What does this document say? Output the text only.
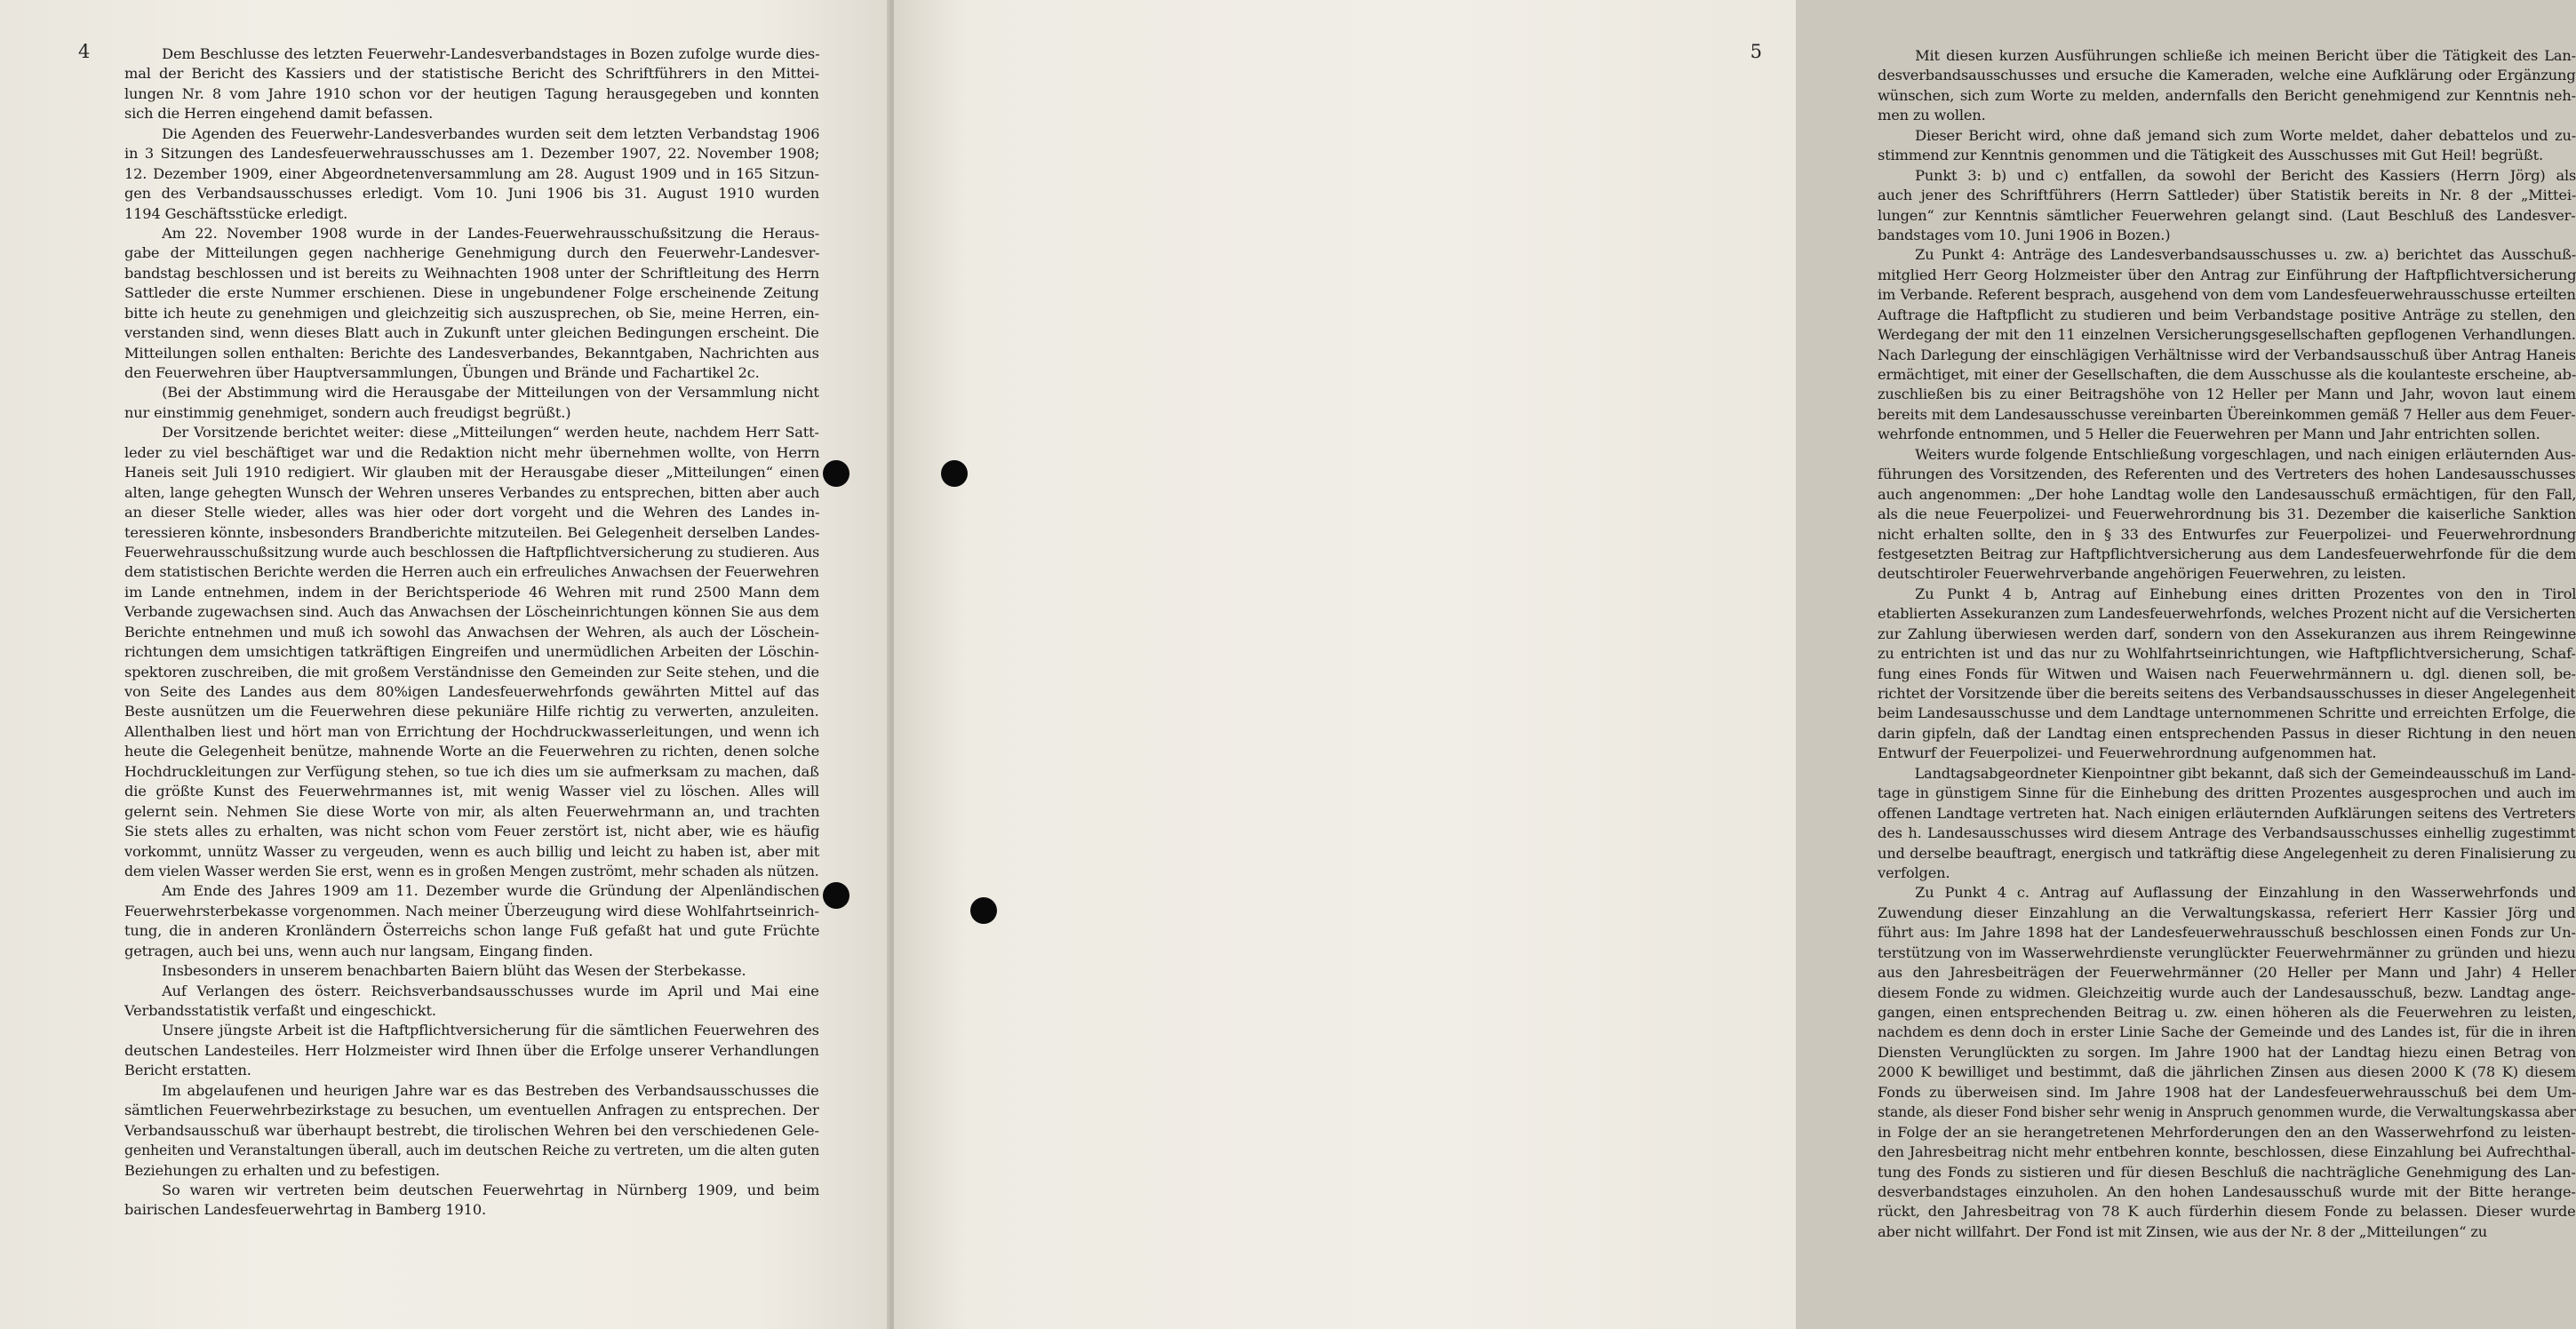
4	Dem Beschlusse des letzten Feuerwehr-Landesverbandstages in Bozen zufolge wurde dies-
mal der Bericht des Kassiers und der statistische Bericht des Schriftführers in den Mittei-
lungen Nr. 8 vom Jahre 1910 schon vor der heutigen Tagung herausgegeben und konnten
sich die Herren eingehend damit befassen.
Die Agenden des Feuerwehr-Landesverbandes wurden seit dem letzten Verbandstag 1906
in 3 Sitzungen des Landesfeuerwehrausschusses am 1. Dezember 1907, 22. November 1908;
12. Dezember 1909, einer Abgeordnetenversammlung am 28. August 1909 und in 165 Sitzun-
gen des Verbandsausschusses erledigt. Vom 10. Juni 1906 bis 31. August 1910 wurden
1194 Geschäftsstücke erledigt.
Am 22. November 1908 wurde in der Landes-Feuerwehrausschußsitzung die Heraus-
gabe der Mitteilungen gegen nachherige Genehmigung durch den Feuerwehr-Landesver-
bandstag beschlossen und ist bereits zu Weihnachten 1908 unter der Schriftleitung des Herrn
Sattleder die erste Nummer erschienen. Diese in ungebundener Folge erscheinende Zeitung
bitte ich heute zu genehmigen und gleichzeitig sich auszusprechen, ob Sie, meine Herren, ein-
verstanden sind, wenn dieses Blatt auch in Zukunft unter gleichen Bedingungen erscheint. Die
Mitteilungen sollen enthalten: Berichte des Landesverbandes, Bekanntgaben, Nachrichten aus
den Feuerwehren über Hauptversammlungen, Übungen und Brände und Fachartikel 2c.
(Bei der Abstimmung wird die Herausgabe der Mitteilungen von der Versammlung nicht
nur einstimmig genehmiget, sondern auch freudigst begrüßt.)
Der Vorsitzende berichtet weiter: diese „Mitteilungen“ werden heute, nachdem Herr Satt-
leder zu viel beschäftiget war und die Redaktion nicht mehr übernehmen wollte, von Herrn
Haneis seit Juli 1910 redigiert. Wir glauben mit der Herausgabe dieser „Mitteilungen“ einen
alten, lange gehegten Wunsch der Wehren unseres Verbandes zu entsprechen, bitten aber auch
an dieser Stelle wieder, alles was hier oder dort vorgeht und die Wehren des Landes in-
teressieren könnte, insbesonders Brandberichte mitzuteilen. Bei Gelegenheit derselben Landes-
Feuerwehrausschußsitzung wurde auch beschlossen die Haftpflichtversicherung zu studieren. Aus
dem statistischen Berichte werden die Herren auch ein erfreuliches Anwachsen der Feuerwehren
im Lande entnehmen, indem in der Berichtsperiode 46 Wehren mit rund 2500 Mann dem
Verbande zugewachsen sind. Auch das Anwachsen der Löscheinrichtungen können Sie aus dem
Berichte entnehmen und muß ich sowohl das Anwachsen der Wehren, als auch der Löschein-
richtungen dem umsichtigen tatkräftigen Eingreifen und unermüdlichen Arbeiten der Löschin-
spektoren zuschreiben, die mit großem Verständnisse den Gemeinden zur Seite stehen, und die
von Seite des Landes aus dem 80%igen Landesfeuerwehrfonds gewährten Mittel auf das
Beste ausnützen um die Feuerwehren diese pekuniäre Hilfe richtig zu verwerten, anzuleiten.
Allenthalben liest und hört man von Errichtung der Hochdruckwasserleitungen, und wenn ich
heute die Gelegenheit benütze, mahnende Worte an die Feuerwehren zu richten, denen solche
Hochdruckleitungen zur Verfügung stehen, so tue ich dies um sie aufmerksam zu machen, daß
die größte Kunst des Feuerwehrmannes ist, mit wenig Wasser viel zu löschen. Alles will
gelernt sein. Nehmen Sie diese Worte von mir, als alten Feuerwehrmann an, und trachten
Sie stets alles zu erhalten, was nicht schon vom Feuer zerstört ist, nicht aber, wie es häufig
vorkommt, unnütz Wasser zu vergeuden, wenn es auch billig und leicht zu haben ist, aber mit
dem vielen Wasser werden Sie erst, wenn es in großen Mengen zuströmt, mehr schaden als nützen.
Am Ende des Jahres 1909 am 11. Dezember wurde die Gründung der Alpenländischen
Feuerwehrsterbekasse vorgenommen. Nach meiner Überzeugung wird diese Wohlfahrtseinrich-
tung, die in anderen Kronländern Österreichs schon lange Fuß gefaßt hat und gute Früchte
getragen, auch bei uns, wenn auch nur langsam, Eingang finden.
Insbesonders in unserem benachbarten Baiern blüht das Wesen der Sterbekasse.
Auf Verlangen des österr. Reichsverbandsausschusses wurde im April und Mai eine
Verbandsstatistik verfaßt und eingeschickt.
Unsere jüngste Arbeit ist die Haftpflichtversicherung für die sämtlichen Feuerwehren des
deutschen Landesteiles. Herr Holzmeister wird Ihnen über die Erfolge unserer Verhandlungen
Bericht erstatten.
Im abgelaufenen und heurigen Jahre war es das Bestreben des Verbandsausschusses die
sämtlichen Feuerwehrbezirkstage zu besuchen, um eventuellen Anfragen zu entsprechen. Der
Verbandsausschuß war überhaupt bestrebt, die tirolischen Wehren bei den verschiedenen Gele-
genheiten und Veranstaltungen überall, auch im deutschen Reiche zu vertreten, um die alten guten
Beziehungen zu erhalten und zu befestigen.
So waren wir vertreten beim deutschen Feuerwehrtag in Nürnberg 1909, und beim
bairischen Landesfeuerwehrtag in Bamberg 1910.
5	Mit diesen kurzen Ausführungen schließe ich meinen Bericht über die Tätigkeit des Lan-
desverbandsausschusses und ersuche die Kameraden, welche eine Aufklärung oder Ergänzung
wünschen, sich zum Worte zu melden, andernfalls den Bericht genehmigend zur Kenntnis neh-
men zu wollen.
Dieser Bericht wird, ohne daß jemand sich zum Worte meldet, daher debattelos und zu-
stimmend zur Kenntnis genommen und die Tätigkeit des Ausschusses mit Gut Heil! begrüßt.
Punkt 3: b) und c) entfallen, da sowohl der Bericht des Kassiers (Herrn Jörg) als
auch jener des Schriftführers (Herrn Sattleder) über Statistik bereits in Nr. 8 der „Mittei-
lungen“ zur Kenntnis sämtlicher Feuerwehren gelangt sind. (Laut Beschluß des Landesver-
bandstages vom 10. Juni 1906 in Bozen.)
Zu Punkt 4: Anträge des Landesverbandsausschusses u. zw. a) berichtet das Ausschuß-
mitglied Herr Georg Holzmeister über den Antrag zur Einführung der Haftpflichtversicherung
im Verbande. Referent besprach, ausgehend von dem vom Landesfeuerwehrausschusse erteilten
Auftrage die Haftpflicht zu studieren und beim Verbandstage positive Anträge zu stellen, den
Werdegang der mit den 11 einzelnen Versicherungsgesellschaften gepflogenen Verhandlungen.
Nach Darlegung der einschlägigen Verhältnisse wird der Verbandsausschuß über Antrag Haneis
ermächtiget, mit einer der Gesellschaften, die dem Ausschusse als die koulanteste erscheine, ab-
zuschließen bis zu einer Beitragshöhe von 12 Heller per Mann und Jahr, wovon laut einem
bereits mit dem Landesausschusse vereinbarten Übereinkommen gemäß 7 Heller aus dem Feuer-
wehrfonde entnommen, und 5 Heller die Feuerwehren per Mann und Jahr entrichten sollen.
Weiters wurde folgende Entschließung vorgeschlagen, und nach einigen erläuternden Aus-
führungen des Vorsitzenden, des Referenten und des Vertreters des hohen Landesausschusses
auch angenommen: „Der hohe Landtag wolle den Landesausschuß ermächtigen, für den Fall,
als die neue Feuerpolizei- und Feuerwehrordnung bis 31. Dezember die kaiserliche Sanktion
nicht erhalten sollte, den in § 33 des Entwurfes zur Feuerpolizei- und Feuerwehrordnung
festgesetzten Beitrag zur Haftpflichtversicherung aus dem Landesfeuerwehrfonde für die dem
deutschtiroler Feuerwehrverbande angehörigen Feuerwehren, zu leisten.
Zu Punkt 4 b, Antrag auf Einhebung eines dritten Prozentes von den in Tirol
etablierten Assekuranzen zum Landesfeuerwehrfonds, welches Prozent nicht auf die Versicherten
zur Zahlung überwiesen werden darf, sondern von den Assekuranzen aus ihrem Reingewinne
zu entrichten ist und das nur zu Wohlfahrtseinrichtungen, wie Haftpflichtversicherung, Schaf-
fung eines Fonds für Witwen und Waisen nach Feuerwehrmännern u. dgl. dienen soll, be-
richtet der Vorsitzende über die bereits seitens des Verbandsausschusses in dieser Angelegenheit
beim Landesausschusse und dem Landtage unternommenen Schritte und erreichten Erfolge, die
darin gipfeln, daß der Landtag einen entsprechenden Passus in dieser Richtung in den neuen
Entwurf der Feuerpolizei- und Feuerwehrordnung aufgenommen hat.
Landtagsabgeordneter Kienpointner gibt bekannt, daß sich der Gemeindeausschuß im Land-
tage in günstigem Sinne für die Einhebung des dritten Prozentes ausgesprochen und auch im
offenen Landtage vertreten hat. Nach einigen erläuternden Aufklärungen seitens des Vertreters
des h. Landesausschusses wird diesem Antrage des Verbandsausschusses einhellig zugestimmt
und derselbe beauftragt, energisch und tatkräftig diese Angelegenheit zu deren Finalisierung zu
verfolgen.
Zu Punkt 4 c. Antrag auf Auflassung der Einzahlung in den Wasserwehrfonds und
Zuwendung dieser Einzahlung an die Verwaltungskassa, referiert Herr Kassier Jörg und
führt aus: Im Jahre 1898 hat der Landesfeuerwehrausschuß beschlossen einen Fonds zur Un-
terstützung von im Wasserwehrdienste verunglückter Feuerwehrmänner zu gründen und hiezu
aus den Jahresbeiträgen der Feuerwehrmänner (20 Heller per Mann und Jahr) 4 Heller
diesem Fonde zu widmen. Gleichzeitig wurde auch der Landesausschuß, bezw. Landtag ange-
gangen, einen entsprechenden Beitrag u. zw. einen höheren als die Feuerwehren zu leisten,
nachdem es denn doch in erster Linie Sache der Gemeinde und des Landes ist, für die in ihren
Diensten Verunglückten zu sorgen. Im Jahre 1900 hat der Landtag hiezu einen Betrag von
2000 K bewilliget und bestimmt, daß die jährlichen Zinsen aus diesen 2000 K (78 K) diesem
Fonds zu überweisen sind. Im Jahre 1908 hat der Landesfeuerwehrausschuß bei dem Um-
stande, als dieser Fond bisher sehr wenig in Anspruch genommen wurde, die Verwaltungskassa aber
in Folge der an sie herangetretenen Mehrforderungen den an den Wasserwehrfond zu leisten-
den Jahresbeitrag nicht mehr entbehren konnte, beschlossen, diese Einzahlung bei Aufrechthal-
tung des Fonds zu sistieren und für diesen Beschluß die nachträgliche Genehmigung des Lan-
desverbandstages einzuholen. An den hohen Landesausschuß wurde mit der Bitte herange-
rückt, den Jahresbeitrag von 78 K auch fürderhin diesem Fonde zu belassen. Dieser wurde
aber nicht willfahrt. Der Fond ist mit Zinsen, wie aus der Nr. 8 der „Mitteilungen“ zu
